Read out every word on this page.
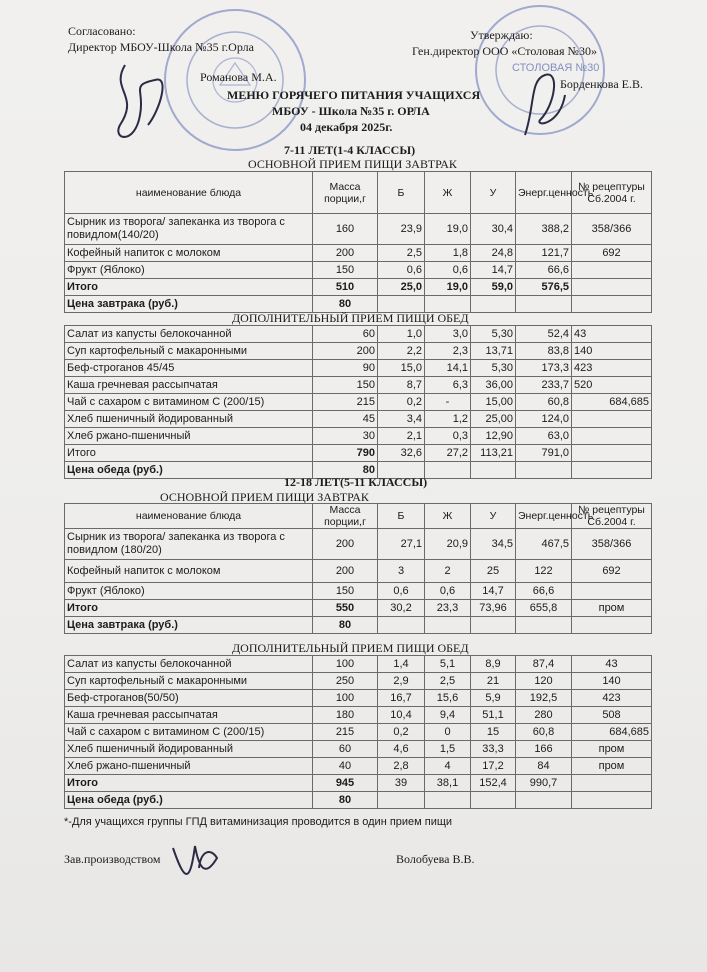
СТОЛОВАЯ №30
Согласовано:
Директор МБОУ-Школа №35 г.Орла
Романова М.А.
Утверждаю:
Ген.директор ООО «Столовая №30»
Борденкова Е.В.
МЕНЮ ГОРЯЧЕГО ПИТАНИЯ УЧАЩИХСЯ
МБОУ - Школа №35 г. ОРЛА
04 декабря 2025г.
7-11 ЛЕТ(1-4 КЛАССЫ)
ОСНОВНОЙ ПРИЕМ ПИЩИ ЗАВТРАК
наименование блюда	Масса порции,г	Б	Ж	У	Энерг.ценность	№ рецептуры Сб.2004 г.
Сырник из творога/ запеканка из творога с повидлом(140/20)	160	23,9	19,0	30,4	388,2	358/366
Кофейный напиток с молоком	200	2,5	1,8	24,8	121,7	692
Фрукт (Яблоко)	150	0,6	0,6	14,7	66,6	
Итого	510	25,0	19,0	59,0	576,5	
Цена завтрака (руб.)	80					
ДОПОЛНИТЕЛЬНЫЙ ПРИЕМ ПИЩИ ОБЕД
Салат из капусты белокочанной	60	1,0	3,0	5,30	52,4	43
Суп картофельный с макаронными	200	2,2	2,3	13,71	83,8	140
Беф-строганов 45/45	90	15,0	14,1	5,30	173,3	423
Каша гречневая рассыпчатая	150	8,7	6,3	36,00	233,7	520
Чай с сахаром с витамином С (200/15)	215	0,2	-	15,00	60,8	684,685
Хлеб пшеничный йодированный	45	3,4	1,2	25,00	124,0	
Хлеб ржано-пшеничный	30	2,1	0,3	12,90	63,0	
Итого	790	32,6	27,2	113,21	791,0	
Цена обеда (руб.)	80					
12-18 ЛЕТ(5-11 КЛАССЫ)
ОСНОВНОЙ ПРИЕМ ПИЩИ ЗАВТРАК
наименование блюда	Масса порции,г	Б	Ж	У	Энерг.ценность	№ рецептуры Сб.2004 г.
Сырник из творога/ запеканка из творога с повидлом (180/20)	200	27,1	20,9	34,5	467,5	358/366
Кофейный напиток с молоком	200	3	2	25	122	692
Фрукт (Яблоко)	150	0,6	0,6	14,7	66,6	
Итого	550	30,2	23,3	73,96	655,8	пром
Цена завтрака (руб.)	80					
ДОПОЛНИТЕЛЬНЫЙ ПРИЕМ ПИЩИ ОБЕД
Салат из капусты белокочанной	100	1,4	5,1	8,9	87,4	43
Суп картофельный с макаронными	250	2,9	2,5	21	120	140
Беф-строганов(50/50)	100	16,7	15,6	5,9	192,5	423
Каша гречневая рассыпчатая	180	10,4	9,4	51,1	280	508
Чай с сахаром с витамином С (200/15)	215	0,2	0	15	60,8	684,685
Хлеб пшеничный йодированный	60	4,6	1,5	33,3	166	пром
Хлеб ржано-пшеничный	40	2,8	4	17,2	84	пром
Итого	945	39	38,1	152,4	990,7	
Цена обеда (руб.)	80					
*-Для учащихся группы ГПД витаминизация проводится в один прием пищи
Зав.производством	Волобуева В.В.
